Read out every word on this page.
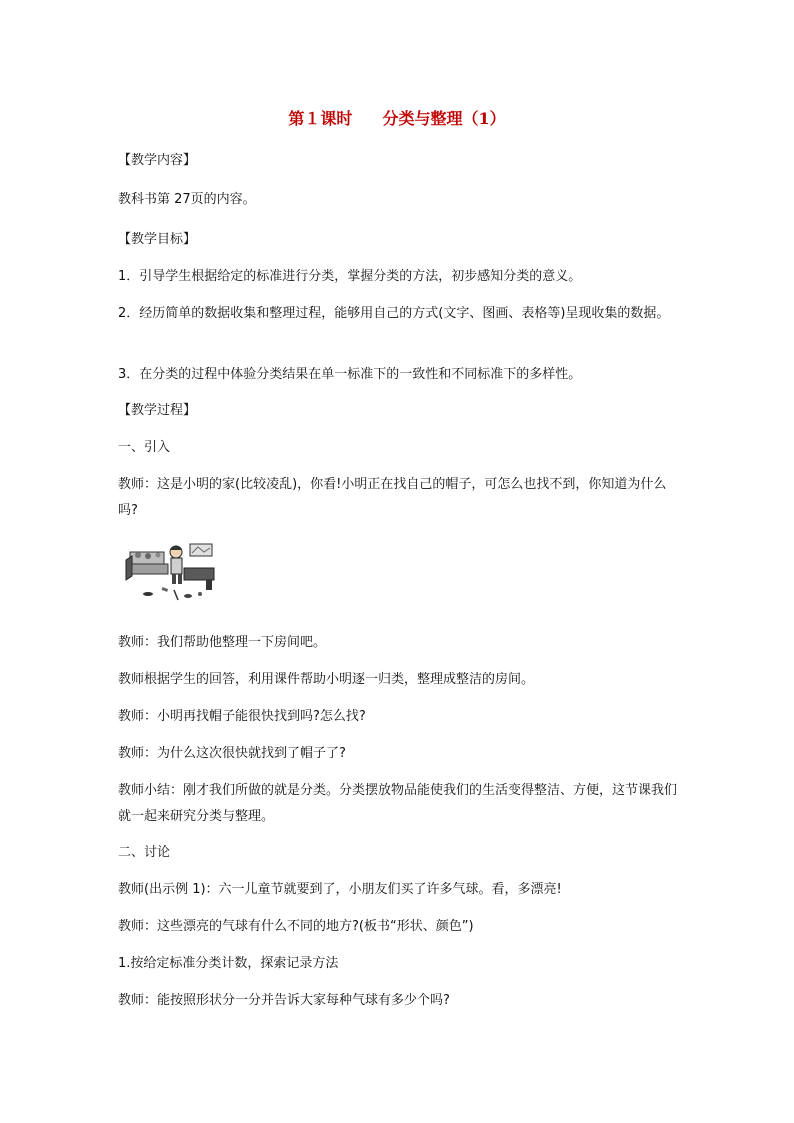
第１课时 分类与整理（1）

【教学内容】

教科书第 27页的内容。

【教学目标】

1．引导学生根据给定的标准进行分类，掌握分类的方法，初步感知分类的意义。

2．经历简单的数据收集和整理过程，能够用自己的方式(文字、图画、表格等)呈现收集的数据。

3．在分类的过程中体验分类结果在单一标准下的一致性和不同标准下的多样性。

【教学过程】

一、引入

教师：这是小明的家(比较凌乱)，你看!小明正在找自己的帽子，可怎么也找不到，你知道为什么吗?

教师：我们帮助他整理一下房间吧。

教师根据学生的回答，利用课件帮助小明逐一归类，整理成整洁的房间。

教师：小明再找帽子能很快找到吗?怎么找?

教师：为什么这次很快就找到了帽子了?

教师小结：刚才我们所做的就是分类。分类摆放物品能使我们的生活变得整洁、方便，这节课我们就一起来研究分类与整理。

二、讨论

教师(出示例 1)：六一儿童节就要到了，小朋友们买了许多气球。看，多漂亮!

教师：这些漂亮的气球有什么不同的地方?(板书“形状、颜色”)

1.按给定标准分类计数，探索记录方法

教师：能按照形状分一分并告诉大家每种气球有多少个吗?
